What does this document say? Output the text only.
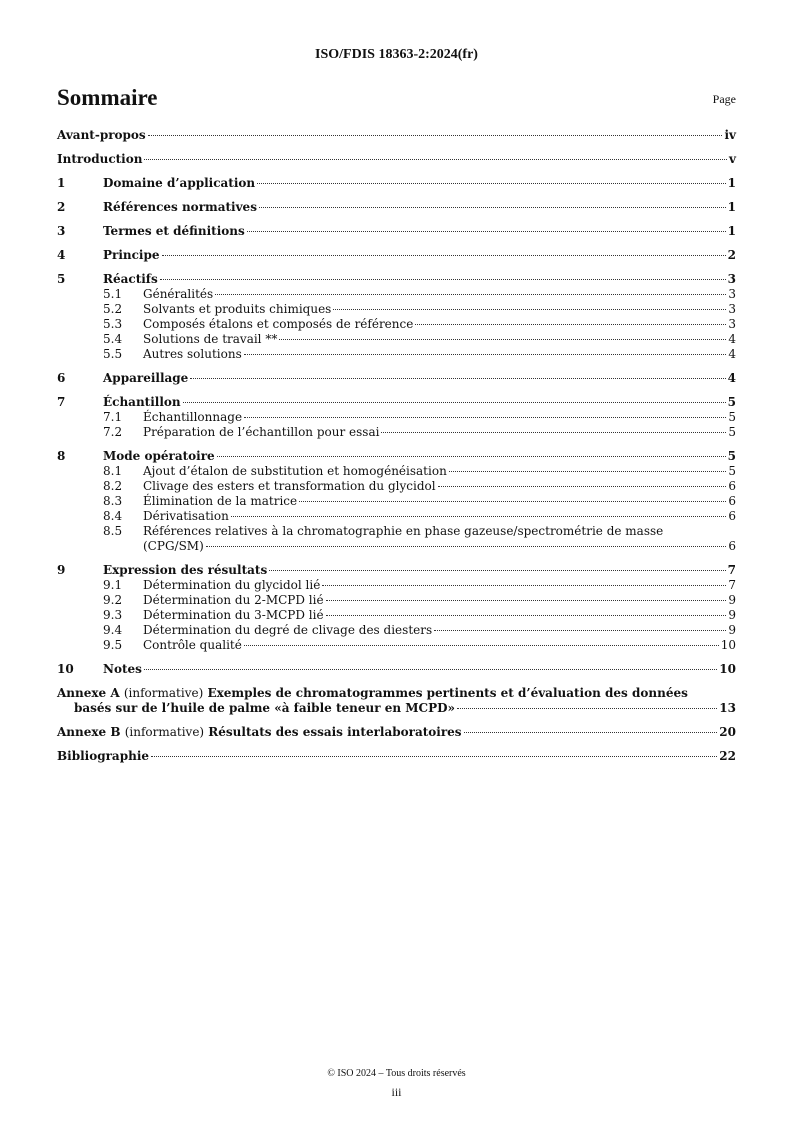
ISO/FDIS 18363-2:2024(fr)
Sommaire	Page
Avant-propos	iv
Introduction	v
1	Domaine d’application	1
2	Références normatives	1
3	Termes et définitions	1
4	Principe	2
5	Réactifs	3
5.1	Généralités	3
5.2	Solvants et produits chimiques	3
5.3	Composés étalons et composés de référence	3
5.4	Solutions de travail **	4
5.5	Autres solutions	4
6	Appareillage	4
7	Échantillon	5
7.1	Échantillonnage	5
7.2	Préparation de l’échantillon pour essai	5
8	Mode opératoire	5
8.1	Ajout d’étalon de substitution et homogénéisation	5
8.2	Clivage des esters et transformation du glycidol	6
8.3	Élimination de la matrice	6
8.4	Dérivatisation	6
8.5	Références relatives à la chromatographie en phase gazeuse/spectrométrie de masse
(CPG/SM)	6
9	Expression des résultats	7
9.1	Détermination du glycidol lié	7
9.2	Détermination du 2-MCPD lié	9
9.3	Détermination du 3-MCPD lié	9
9.4	Détermination du degré de clivage des diesters	9
9.5	Contrôle qualité	10
10	Notes	10
Annexe A (informative) Exemples de chromatogrammes pertinents et d’évaluation des données
basés sur de l’huile de palme «à faible teneur en MCPD»	13
Annexe B (informative) Résultats des essais interlaboratoires	20
Bibliographie	22
© ISO 2024 – Tous droits réservés
iii
